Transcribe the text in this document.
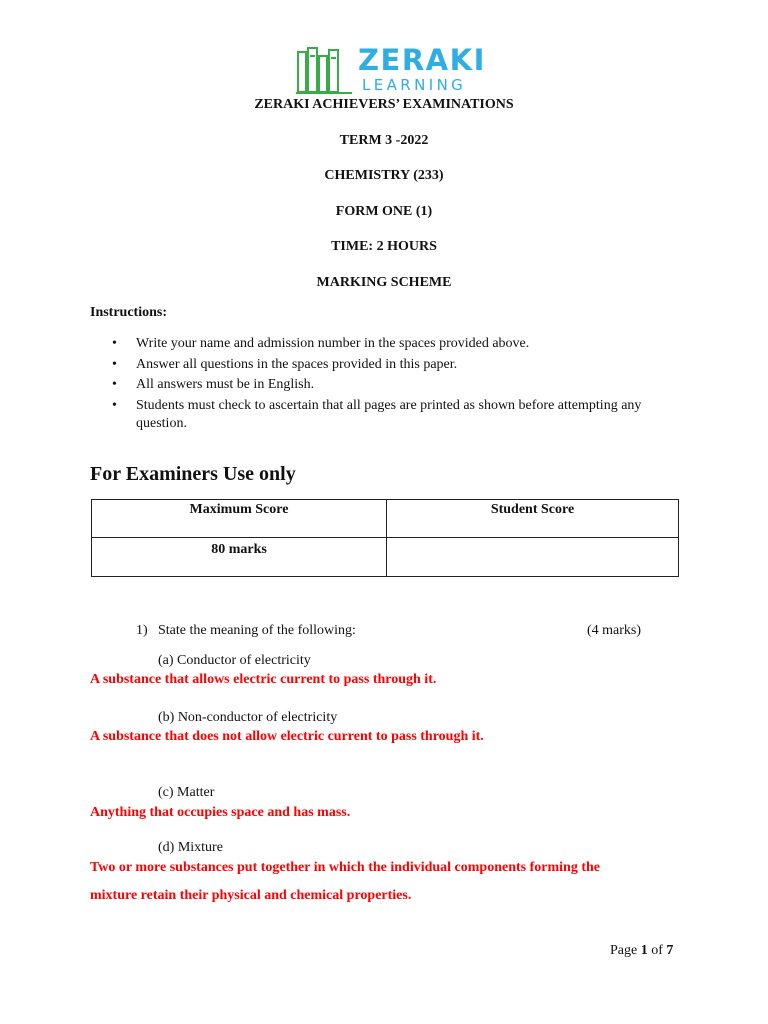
ZERAKI
LEARNING
ZERAKI ACHIEVERS’ EXAMINATIONS
TERM 3 -2022
CHEMISTRY (233)
FORM ONE (1)
TIME: 2 HOURS
MARKING SCHEME
Instructions:
• Write your name and admission number in the spaces provided above.
• Answer all questions in the spaces provided in this paper.
• All answers must be in English.
• Students must check to ascertain that all pages are printed as shown before attempting any question.
For Examiners Use only
Maximum Score	Student Score
80 marks	
1) State the meaning of the following:	(4 marks)
(a) Conductor of electricity
A substance that allows electric current to pass through it.
(b) Non-conductor of electricity
A substance that does not allow electric current to pass through it.
(c) Matter
Anything that occupies space and has mass.
(d) Mixture
Two or more substances put together in which the individual components forming the
mixture retain their physical and chemical properties.
Page 1 of 7
